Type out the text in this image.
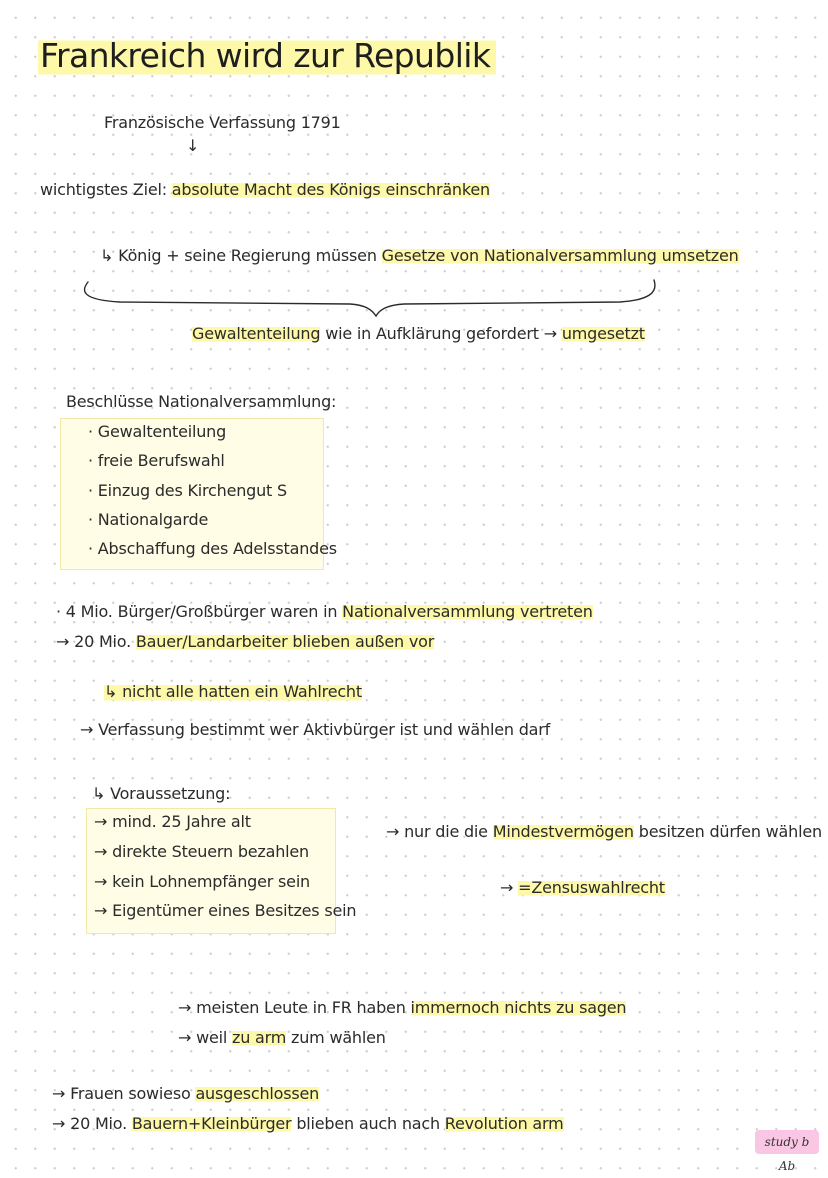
Frankreich wird zur Republik
Französische Verfassung 1791
↓
wichtigstes Ziel: absolute Macht des Königs einschränken
↳ König + seine Regierung müssen Gesetze von Nationalversammlung umsetzen
Gewaltenteilung wie in Aufklärung gefordert → umgesetzt
Beschlüsse Nationalversammlung:
· Gewaltenteilung
· freie Berufswahl
· Einzug des Kirchengut S
· Nationalgarde
· Abschaffung des Adelsstandes
· 4 Mio. Bürger/Großbürger waren in Nationalversammlung vertreten
→ 20 Mio. Bauer/Landarbeiter blieben außen vor
↳ nicht alle hatten ein Wahlrecht
→ Verfassung bestimmt wer Aktivbürger ist und wählen darf
↳ Voraussetzung:
→ mind. 25 Jahre alt
→ direkte Steuern bezahlen
→ kein Lohnempfänger sein
→ Eigentümer eines Besitzes sein
→ nur die die Mindestvermögen besitzen dürfen wählen
→ =Zensuswahlrecht
→ meisten Leute in FR haben immernoch nichts zu sagen
→ weil zu arm zum wählen
→ Frauen sowieso ausgeschlossen
→ 20 Mio. Bauern+Kleinbürger blieben auch nach Revolution arm
study b Ab
